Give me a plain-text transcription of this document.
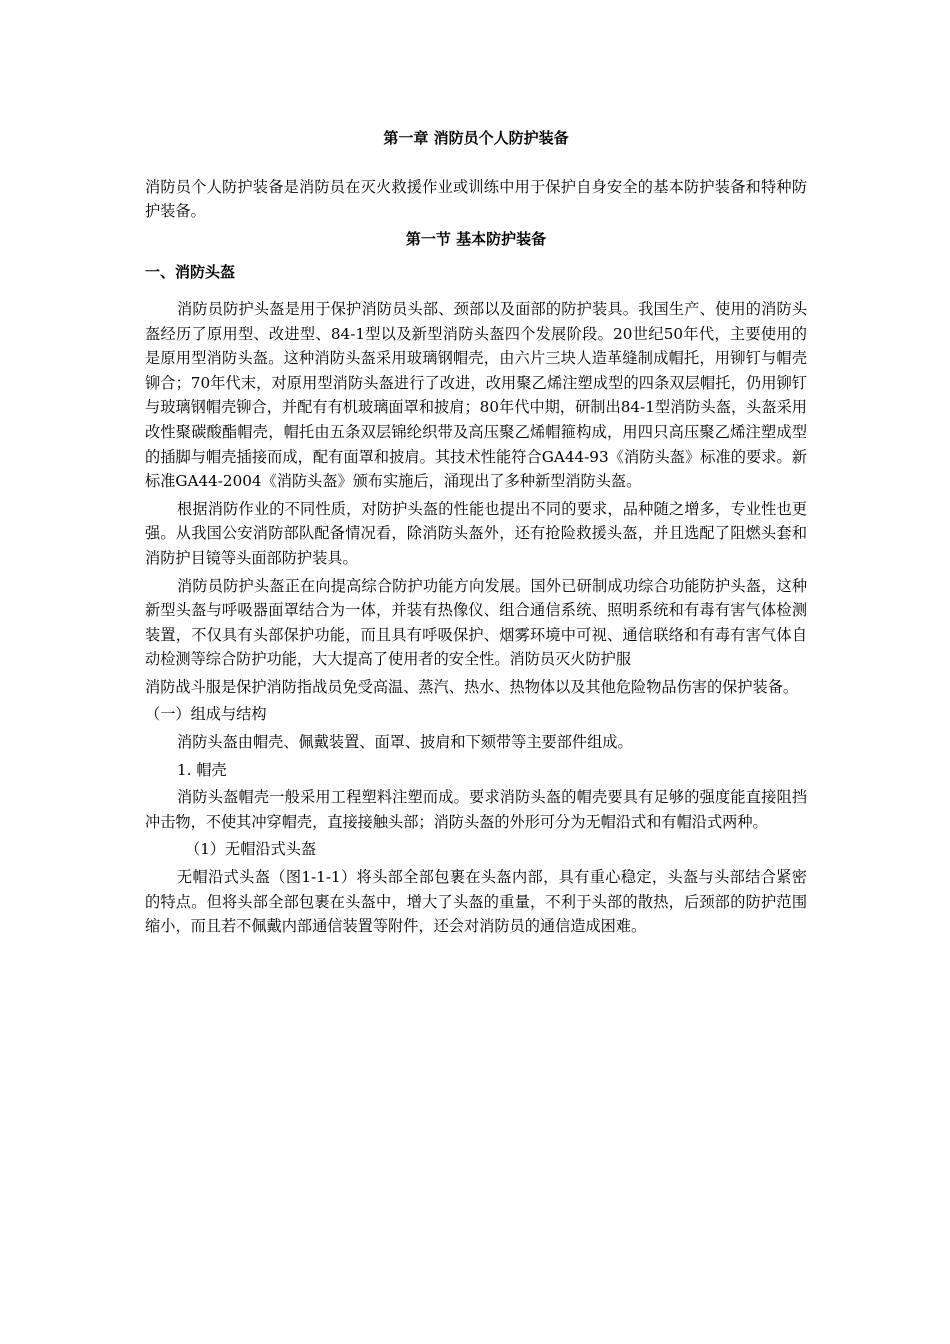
第一章 消防员个人防护装备
消防员个人防护装备是消防员在灭火救援作业或训练中用于保护自身安全的基本防护装备和特种防护装备。
第一节 基本防护装备
一、消防头盔
消防员防护头盔是用于保护消防员头部、颈部以及面部的防护装具。我国生产、使用的消防头盔经历了原用型、改进型、84-1型以及新型消防头盔四个发展阶段。20世纪50年代，主要使用的是原用型消防头盔。这种消防头盔采用玻璃钢帽壳，由六片三块人造革缝制成帽托，用铆钉与帽壳铆合；70年代末，对原用型消防头盔进行了改进，改用聚乙烯注塑成型的四条双层帽托，仍用铆钉与玻璃钢帽壳铆合，并配有有机玻璃面罩和披肩；80年代中期，研制出84-1型消防头盔，头盔采用改性聚碳酸酯帽壳，帽托由五条双层锦纶织带及高压聚乙烯帽箍构成，用四只高压聚乙烯注塑成型的插脚与帽壳插接而成，配有面罩和披肩。其技术性能符合GA44-93《消防头盔》标准的要求。新标准GA44-2004《消防头盔》颁布实施后，涌现出了多种新型消防头盔。
根据消防作业的不同性质，对防护头盔的性能也提出不同的要求，品种随之增多，专业性也更强。从我国公安消防部队配备情况看，除消防头盔外，还有抢险救援头盔，并且选配了阻燃头套和消防护目镜等头面部防护装具。
消防员防护头盔正在向提高综合防护功能方向发展。国外已研制成功综合功能防护头盔，这种新型头盔与呼吸器面罩结合为一体，并装有热像仪、组合通信系统、照明系统和有毒有害气体检测装置，不仅具有头部保护功能，而且具有呼吸保护、烟雾环境中可视、通信联络和有毒有害气体自动检测等综合防护功能，大大提高了使用者的安全性。消防员灭火防护服
消防战斗服是保护消防指战员免受高温、蒸汽、热水、热物体以及其他危险物品伤害的保护装备。
（一）组成与结构
消防头盔由帽壳、佩戴装置、面罩、披肩和下颏带等主要部件组成。
1. 帽壳
消防头盔帽壳一般采用工程塑料注塑而成。要求消防头盔的帽壳要具有足够的强度能直接阻挡冲击物，不使其冲穿帽壳，直接接触头部；消防头盔的外形可分为无帽沿式和有帽沿式两种。
（1）无帽沿式头盔
无帽沿式头盔（图1-1-1）将头部全部包裹在头盔内部，具有重心稳定，头盔与头部结合紧密的特点。但将头部全部包裹在头盔中，增大了头盔的重量，不利于头部的散热，后颈部的防护范围缩小，而且若不佩戴内部通信装置等附件，还会对消防员的通信造成困难。
